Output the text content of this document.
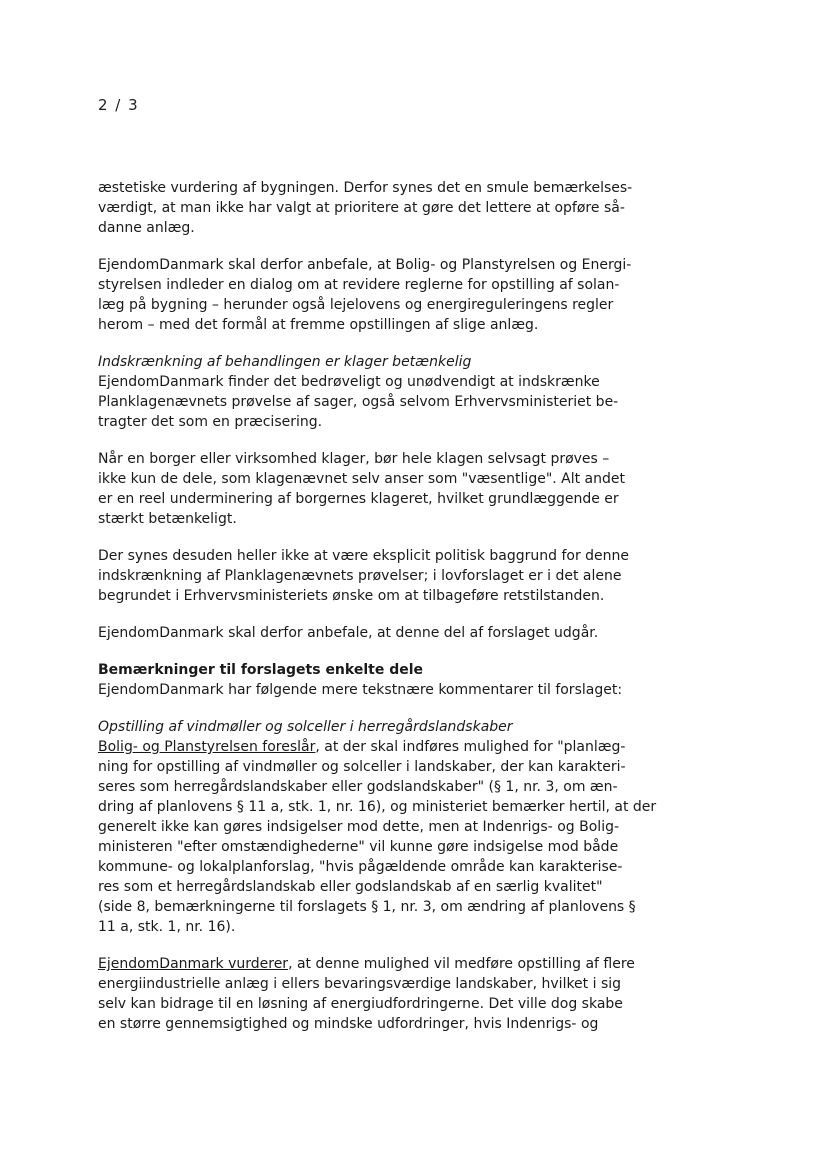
2 / 3

æstetiske vurdering af bygningen. Derfor synes det en smule bemærkelses-
værdigt, at man ikke har valgt at prioritere at gøre det lettere at opføre så-
danne anlæg.

EjendomDanmark skal derfor anbefale, at Bolig- og Planstyrelsen og Energi-
styrelsen indleder en dialog om at revidere reglerne for opstilling af solan-
læg på bygning – herunder også lejelovens og energireguleringens regler
herom – med det formål at fremme opstillingen af slige anlæg.

Indskrænkning af behandlingen er klager betænkelig
EjendomDanmark finder det bedrøveligt og unødvendigt at indskrænke
Planklagenævnets prøvelse af sager, også selvom Erhvervsministeriet be-
tragter det som en præcisering.

Når en borger eller virksomhed klager, bør hele klagen selvsagt prøves –
ikke kun de dele, som klagenævnet selv anser som "væsentlige". Alt andet
er en reel underminering af borgernes klageret, hvilket grundlæggende er
stærkt betænkeligt.

Der synes desuden heller ikke at være eksplicit politisk baggrund for denne
indskrænkning af Planklagenævnets prøvelser; i lovforslaget er i det alene
begrundet i Erhvervsministeriets ønske om at tilbageføre retstilstanden.

EjendomDanmark skal derfor anbefale, at denne del af forslaget udgår.

Bemærkninger til forslagets enkelte dele
EjendomDanmark har følgende mere tekstnære kommentarer til forslaget:

Opstilling af vindmøller og solceller i herregårdslandskaber
Bolig- og Planstyrelsen foreslår, at der skal indføres mulighed for "planlæg-
ning for opstilling af vindmøller og solceller i landskaber, der kan karakteri-
seres som herregårdslandskaber eller godslandskaber" (§ 1, nr. 3, om æn-
dring af planlovens § 11 a, stk. 1, nr. 16), og ministeriet bemærker hertil, at der
generelt ikke kan gøres indsigelser mod dette, men at Indenrigs- og Bolig-
ministeren "efter omstændighederne" vil kunne gøre indsigelse mod både
kommune- og lokalplanforslag, "hvis pågældende område kan karakterise-
res som et herregårdslandskab eller godslandskab af en særlig kvalitet"
(side 8, bemærkningerne til forslagets § 1, nr. 3, om ændring af planlovens §
11 a, stk. 1, nr. 16).

EjendomDanmark vurderer, at denne mulighed vil medføre opstilling af flere
energiindustrielle anlæg i ellers bevaringsværdige landskaber, hvilket i sig
selv kan bidrage til en løsning af energiudfordringerne. Det ville dog skabe
en større gennemsigtighed og mindske udfordringer, hvis Indenrigs- og
